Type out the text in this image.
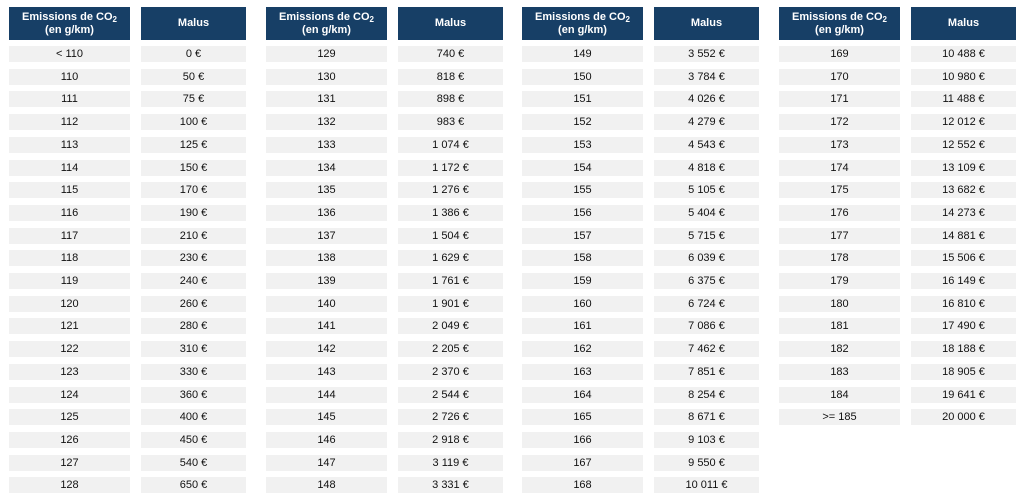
Emissions de $CO_2$
(en g/km)
Malus
< 110	0 €
110	50 €
111	75 €
112	100 €
113	125 €
114	150 €
115	170 €
116	190 €
117	210 €
118	230 €
119	240 €
120	260 €
121	280 €
122	310 €
123	330 €
124	360 €
125	400 €
126	450 €
127	540 €
128	650 €
Emissions de $CO_2$
(en g/km)
Malus
129	740 €
130	818 €
131	898 €
132	983 €
133	1 074 €
134	1 172 €
135	1 276 €
136	1 386 €
137	1 504 €
138	1 629 €
139	1 761 €
140	1 901 €
141	2 049 €
142	2 205 €
143	2 370 €
144	2 544 €
145	2 726 €
146	2 918 €
147	3 119 €
148	3 331 €
Emissions de $CO_2$
(en g/km)
Malus
149	3 552 €
150	3 784 €
151	4 026 €
152	4 279 €
153	4 543 €
154	4 818 €
155	5 105 €
156	5 404 €
157	5 715 €
158	6 039 €
159	6 375 €
160	6 724 €
161	7 086 €
162	7 462 €
163	7 851 €
164	8 254 €
165	8 671 €
166	9 103 €
167	9 550 €
168	10 011 €
Emissions de $CO_2$
(en g/km)
Malus
169	10 488 €
170	10 980 €
171	11 488 €
172	12 012 €
173	12 552 €
174	13 109 €
175	13 682 €
176	14 273 €
177	14 881 €
178	15 506 €
179	16 149 €
180	16 810 €
181	17 490 €
182	18 188 €
183	18 905 €
184	19 641 €
>= 185	20 000 €
